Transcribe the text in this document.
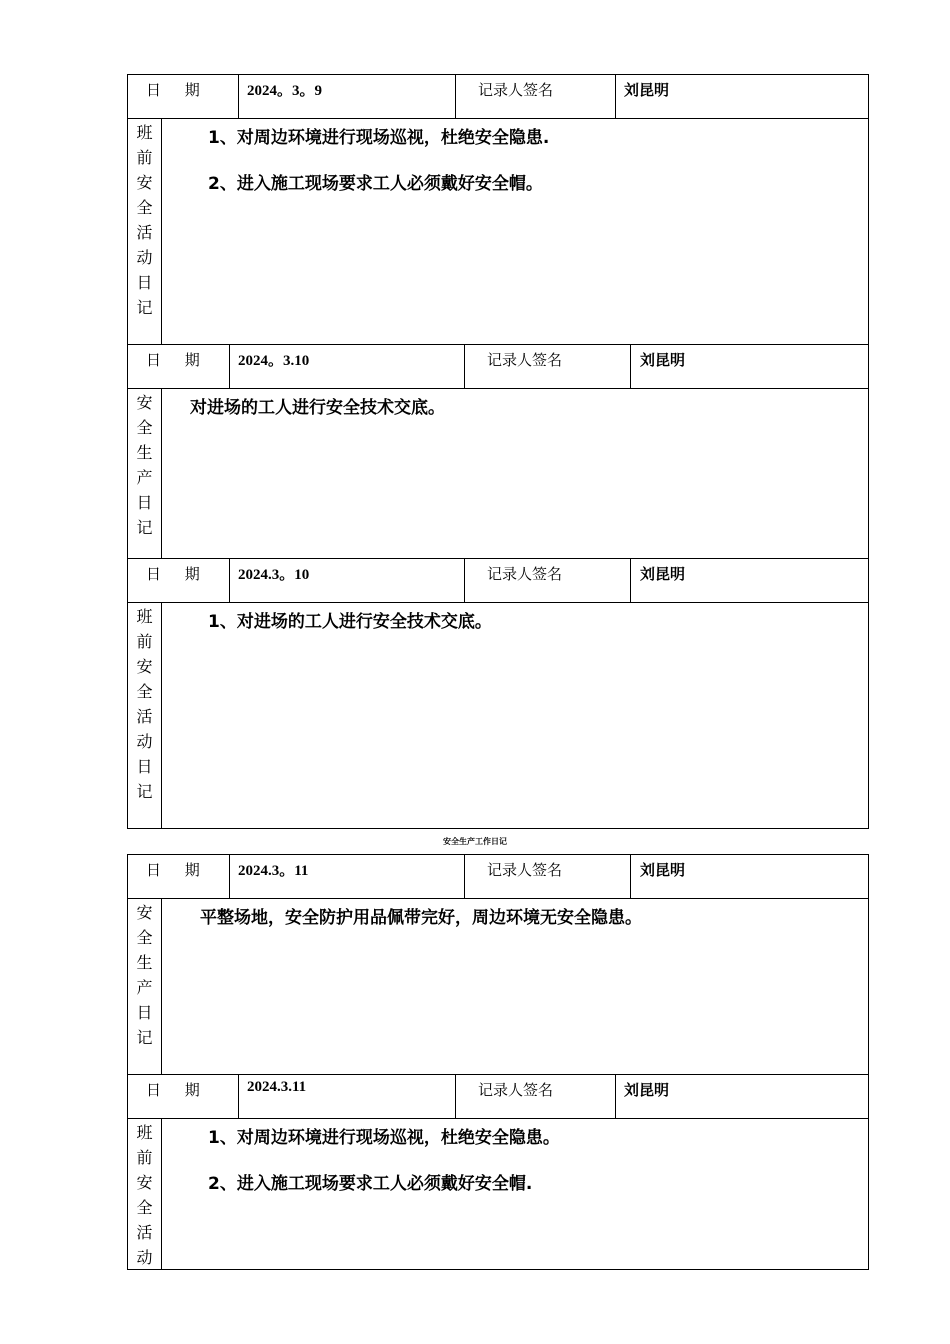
日 期 2024。3。9	记录人签名	刘昆明
班
前
安
全
活
动
日
记
1、对周边环境进行现场巡视，杜绝安全隐患.
2、进入施工现场要求工人必须戴好安全帽。
日 期 2024。3.10	记录人签名	刘昆明
安
全
生
产
日
记
对进场的工人进行安全技术交底。
日 期 2024.3。10	记录人签名	刘昆明
班
前
安
全
活
动
日
记
1、对进场的工人进行安全技术交底。
安全生产工作日记
日 期 2024.3。11	记录人签名	刘昆明
安
全
生
产
日
记
平整场地，安全防护用品佩带完好，周边环境无安全隐患。
日 期 2024.3.11	记录人签名	刘昆明
班
前
安
全
活
动
1、对周边环境进行现场巡视，杜绝安全隐患。
2、进入施工现场要求工人必须戴好安全帽.
